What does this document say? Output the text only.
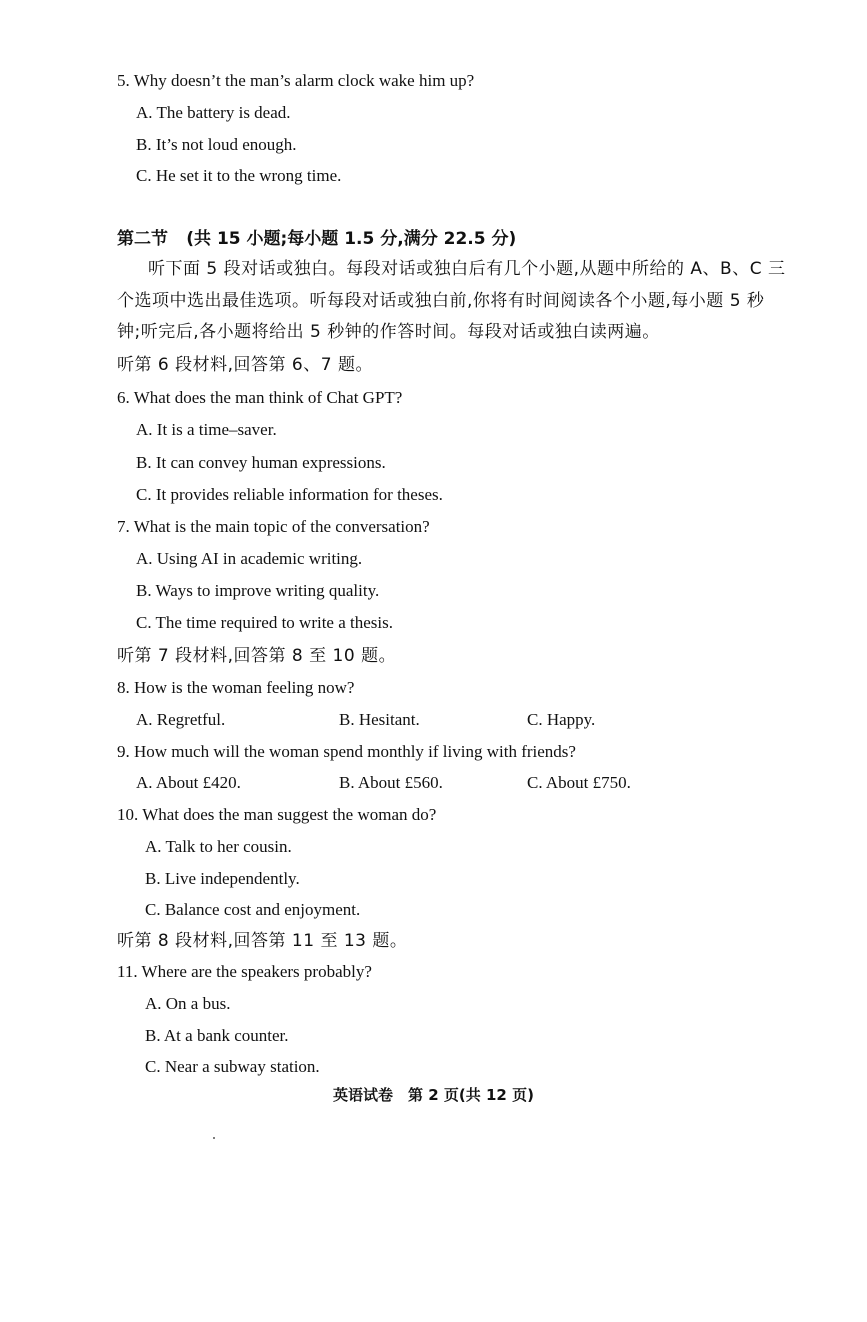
5. Why doesn’t the man’s alarm clock wake him up?
A. The battery is dead.
B. It’s not loud enough.
C. He set it to the wrong time.
第二节 (共 15 小题;每小题 1.5 分,满分 22.5 分)
听下面 5 段对话或独白。每段对话或独白后有几个小题,从题中所给的 A、B、C 三
个选项中选出最佳选项。听每段对话或独白前,你将有时间阅读各个小题,每小题 5 秒
钟;听完后,各小题将给出 5 秒钟的作答时间。每段对话或独白读两遍。
听第 6 段材料,回答第 6、7 题。
6. What does the man think of Chat GPT?
A. It is a time–saver.
B. It can convey human expressions.
C. It provides reliable information for theses.
7. What is the main topic of the conversation?
A. Using AI in academic writing.
B. Ways to improve writing quality.
C. The time required to write a thesis.
听第 7 段材料,回答第 8 至 10 题。
8. How is the woman feeling now?
A. Regretful.	B. Hesitant.	C. Happy.
9. How much will the woman spend monthly if living with friends?
A. About £420.	B. About £560.	C. About £750.
10. What does the man suggest the woman do?
A. Talk to her cousin.
B. Live independently.
C. Balance cost and enjoyment.
听第 8 段材料,回答第 11 至 13 题。
11. Where are the speakers probably?
A. On a bus.
B. At a bank counter.
C. Near a subway station.
英语试卷　第 2 页(共 12 页)
